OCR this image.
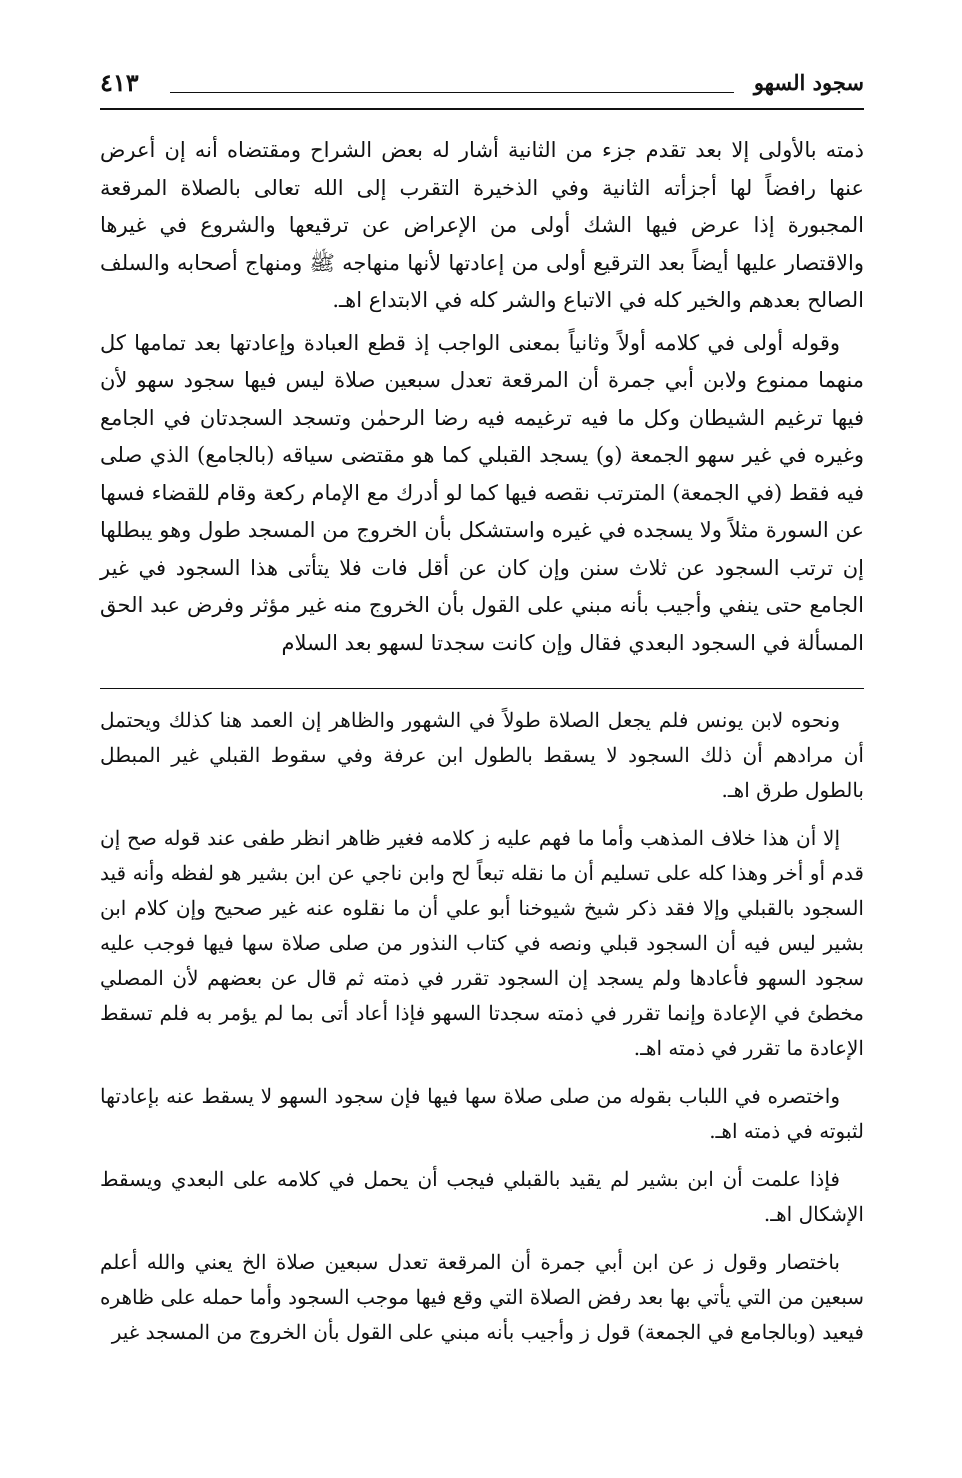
سجود السهو
٤١٣

ذمته بالأولى إلا بعد تقدم جزء من الثانية أشار له بعض الشراح ومقتضاه أنه إن أعرض عنها رافضاً لها أجزأته الثانية وفي الذخيرة التقرب إلى الله تعالى بالصلاة المرقعة المجبورة إذا عرض فيها الشك أولى من الإعراض عن ترقيعها والشروع في غيرها والاقتصار عليها أيضاً بعد الترقيع أولى من إعادتها لأنها منهاجه ﷺ ومنهاج أصحابه والسلف الصالح بعدهم والخير كله في الاتباع والشر كله في الابتداع اهـ.

وقوله أولى في كلامه أولاً وثانياً بمعنى الواجب إذ قطع العبادة وإعادتها بعد تمامها كل منهما ممنوع ولابن أبي جمرة أن المرقعة تعدل سبعين صلاة ليس فيها سجود سهو لأن فيها ترغيم الشيطان وكل ما فيه ترغيمه فيه رضا الرحمٰن وتسجد السجدتان في الجامع وغيره في غير سهو الجمعة (و) يسجد القبلي كما هو مقتضى سياقه (بالجامع) الذي صلى فيه فقط (في الجمعة) المترتب نقصه فيها كما لو أدرك مع الإمام ركعة وقام للقضاء فسها عن السورة مثلاً ولا يسجده في غيره واستشكل بأن الخروج من المسجد طول وهو يبطلها إن ترتب السجود عن ثلاث سنن وإن كان عن أقل فات فلا يتأتى هذا السجود في غير الجامع حتى ينفي وأجيب بأنه مبني على القول بأن الخروج منه غير مؤثر وفرض عبد الحق المسألة في السجود البعدي فقال وإن كانت سجدتا لسهو بعد السلام

ونحوه لابن يونس فلم يجعل الصلاة طولاً في الشهور والظاهر إن العمد هنا كذلك ويحتمل أن مرادهم أن ذلك السجود لا يسقط بالطول ابن عرفة وفي سقوط القبلي غير المبطل بالطول طرق اهـ.

إلا أن هذا خلاف المذهب وأما ما فهم عليه ز كلامه فغير ظاهر انظر طفى عند قوله صح إن قدم أو أخر وهذا كله على تسليم أن ما نقله تبعاً لح وابن ناجي عن ابن بشير هو لفظه وأنه قيد السجود بالقبلي وإلا فقد ذكر شيخ شيوخنا أبو علي أن ما نقلوه عنه غير صحيح وإن كلام ابن بشير ليس فيه أن السجود قبلي ونصه في كتاب النذور من صلى صلاة سها فيها فوجب عليه سجود السهو فأعادها ولم يسجد إن السجود تقرر في ذمته ثم قال عن بعضهم لأن المصلي مخطئ في الإعادة وإنما تقرر في ذمته سجدتا السهو فإذا أعاد أتى بما لم يؤمر به فلم تسقط الإعادة ما تقرر في ذمته اهـ.

واختصره في اللباب بقوله من صلى صلاة سها فيها فإن سجود السهو لا يسقط عنه بإعادتها لثبوته في ذمته اهـ.

فإذا علمت أن ابن بشير لم يقيد بالقبلي فيجب أن يحمل في كلامه على البعدي ويسقط الإشكال اهـ.

باختصار وقول ز عن ابن أبي جمرة أن المرقعة تعدل سبعين صلاة الخ يعني والله أعلم سبعين من التي يأتي بها بعد رفض الصلاة التي وقع فيها موجب السجود وأما حمله على ظاهره فيعيد (وبالجامع في الجمعة) قول ز وأجيب بأنه مبني على القول بأن الخروج من المسجد غير
